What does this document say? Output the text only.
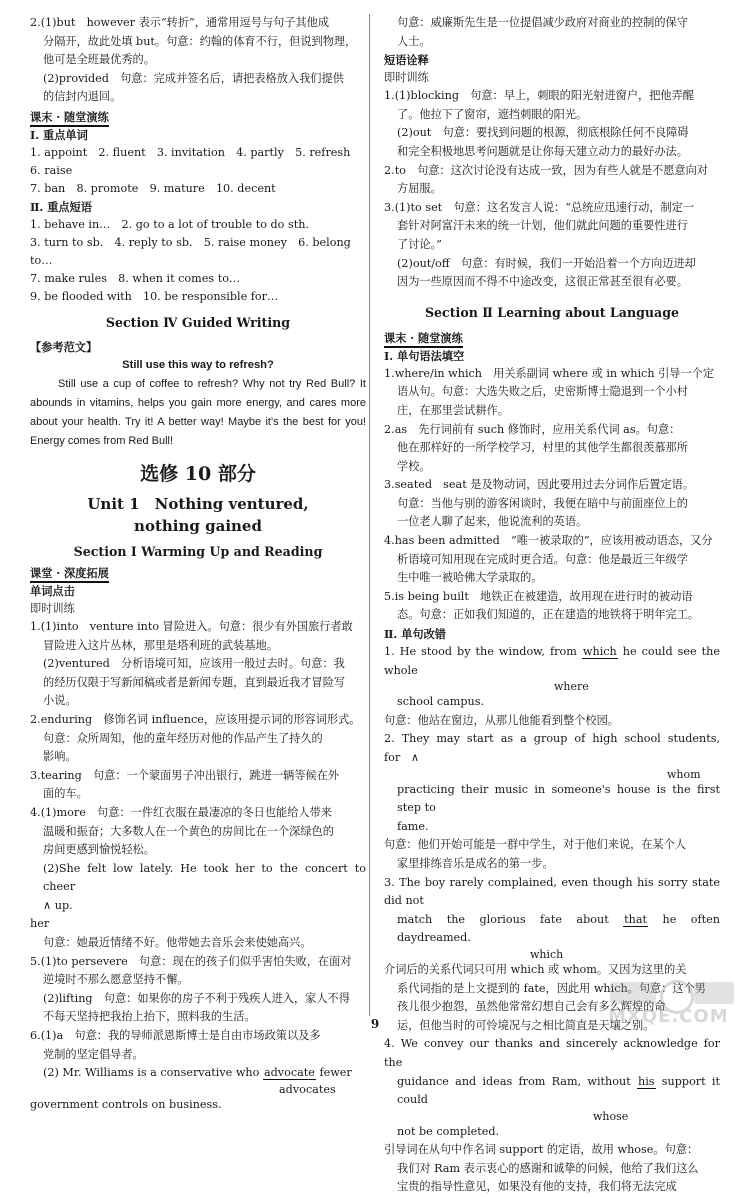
2.(1)but　however 表示“转折”，通常用逗号与句子其他成

分隔开，故此处填 but。句意：约翰的体育不行，但说到物理，

他可是全班最优秀的。

(2)provided　句意：完成并签名后，请把表格放入我们提供

的信封内退回。

课末 · 随堂演练

Ⅰ. 重点单词

1. appoint　2. fluent　3. invitation　4. partly　5. refresh　6. raise

7. ban　8. promote　9. mature　10. decent

Ⅱ. 重点短语

1. behave in…　2. go to a lot of trouble to do sth.

3. turn to sb.　4. reply to sb.　5. raise money　6. belong to…

7. make rules　8. when it comes to…

9. be flooded with　10. be responsible for…

Section Ⅳ Guided Writing

【参考范文】

Still use this way to refresh?

Still use a cup of coffee to refresh? Why not try Red Bull? It abounds in vitamins, helps you gain more energy, and cares more about your health. Try it! A better way! Maybe it's the best for you! Energy comes from Red Bull!

选修 10 部分

Unit 1　Nothing ventured,

nothing gained

Section Ⅰ Warming Up and Reading

课堂 · 深度拓展

单词点击

即时训练

1.(1)into　venture into 冒险进入。句意：很少有外国旅行者敢

冒险进入这片丛林，那里是塔利班的武装基地。

(2)ventured　分析语境可知，应该用一般过去时。句意：我

的经历仅限于写新闻稿或者是新闻专题，直到最近我才冒险写

小说。

2.enduring　修饰名词 influence，应该用提示词的形容词形式。

句意：众所周知，他的童年经历对他的作品产生了持久的

影响。

3.tearing　句意：一个蒙面男子冲出银行，跳进一辆等候在外

面的车。

4.(1)more　句意：一件红衣服在最凄凉的冬日也能给人带来

温暖和振奋；大多数人在一个黄色的房间比在一个深绿色的

房间更感到愉悦轻松。

(2)She felt low lately. He took her to the concert to cheer

∧ up.

her

句意：她最近情绪不好。他带她去音乐会来使她高兴。

5.(1)to persevere　句意：现在的孩子们似乎害怕失败，在面对

逆境时不那么愿意坚持不懈。

(2)lifting　句意：如果你的房子不利于残疾人进入，家人不得

不每天坚持把我抬上抬下，照料我的生活。

6.(1)a　句意：我的导师派恩斯博士是自由市场政策以及多

党制的坚定倡导者。

(2) Mr. Williams is a conservative who advocate fewer

advocates

government controls on business.

句意：威廉斯先生是一位提倡减少政府对商业的控制的保守

人士。

短语诠释

即时训练

1.(1)blocking　句意：早上，刺眼的阳光射进窗户，把他弄醒

了。他拉下了窗帘，遮挡刺眼的阳光。

(2)out　句意：要找到问题的根源，彻底根除任何不良障碍

和完全积极地思考问题就是让你每天建立动力的最好办法。

2.to　句意：这次讨论没有达成一致，因为有些人就是不愿意向对

方屈服。

3.(1)to set　句意：这名发言人说：“总统应迅速行动，制定一

套针对阿富汗未来的统一计划，他们就此问题的重要性进行

了讨论。”

(2)out/off　句意：有时候，我们一开始沿着一个方向迈进却

因为一些原因而不得不中途改变，这很正常甚至很有必要。

Section Ⅱ Learning about Language

课末 · 随堂演练

Ⅰ. 单句语法填空

1.where/in which　用关系副词 where 或 in which 引导一个定

语从句。句意：大选失败之后，史密斯博士隐退到一个小村

庄，在那里尝试耕作。

2.as　先行词前有 such 修饰时，应用关系代词 as。句意：

他在那样好的一所学校学习，村里的其他学生都很羡慕那所

学校。

3.seated　seat 是及物动词，因此要用过去分词作后置定语。

句意：当他与别的游客闲谈时，我便在暗中与前面座位上的

一位老人聊了起来，他说流利的英语。

4.has been admitted　“唯一被录取的”，应该用被动语态，又分

析语境可知用现在完成时更合适。句意：他是最近三年级学

生中唯一被哈佛大学录取的。

5.is being built　地铁正在被建造，故用现在进行时的被动语

态。句意：正如我们知道的，正在建造的地铁将于明年完工。

Ⅱ. 单句改错

1. He stood by the window, from which he could see the whole

where

school campus.

句意：他站在窗边，从那儿他能看到整个校园。

2. They may start as a group of high school students, for ∧

whom

practicing their music in someone's house is the first step to

fame.

句意：他们开始可能是一群中学生，对于他们来说，在某个人

家里排练音乐是成名的第一步。

3. The boy rarely complained, even though his sorry state did not

match the glorious fate about that he often daydreamed.

which

介词后的关系代词只可用 which 或 whom。又因为这里的关

系代词指的是上文提到的 fate，因此用 which。句意：这个男

孩儿很少抱怨，虽然他常常幻想自己会有多么辉煌的命

运，但他当时的可怜境况与之相比简直是天壤之别。

4. We convey our thanks and sincerely acknowledge for the

guidance and ideas from Ram, without his support it could

whose

not be completed.

引导词在从句中作名词 support 的定语，故用 whose。句意：

我们对 Ram 表示衷心的感谢和诚挚的问候，他给了我们这么

宝贵的指导性意见，如果没有他的支持，我们将无法完成

9	MXQE.COM
